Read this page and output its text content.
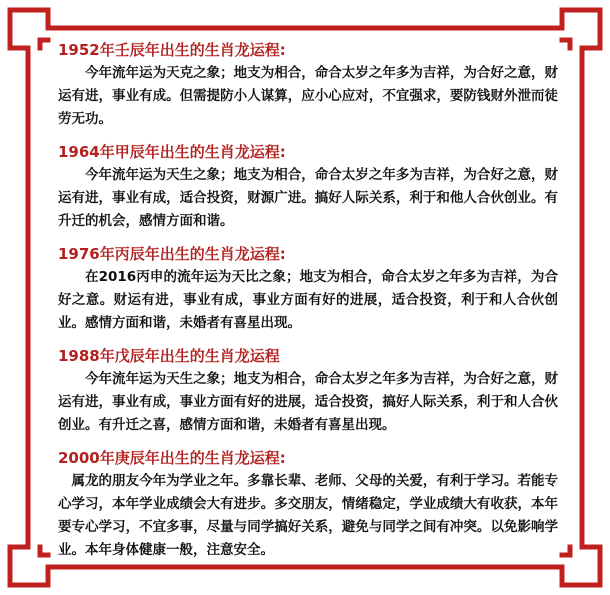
1952年壬辰年出生的生肖龙运程:
今年流年运为天克之象；地支为相合，命合太岁之年多为吉祥，为合好之意，财运有进，事业有成。但需提防小人谋算，应小心应对，不宜强求，要防钱财外泄而徒劳无功。
1964年甲辰年出生的生肖龙运程:
今年流年运为天生之象；地支为相合，命合太岁之年多为吉祥，为合好之意，财运有进，事业有成，适合投资，财源广进。搞好人际关系，利于和他人合伙创业。有升迁的机会，感情方面和谐。
1976年丙辰年出生的生肖龙运程:
在2016丙申的流年运为天比之象；地支为相合，命合太岁之年多为吉祥，为合好之意。财运有进，事业有成，事业方面有好的进展，适合投资，利于和人合伙创业。感情方面和谐，未婚者有喜星出现。
1988年戊辰年出生的生肖龙运程
今年流年运为天生之象；地支为相合，命合太岁之年多为吉祥，为合好之意，财运有进，事业有成，事业方面有好的进展，适合投资，搞好人际关系，利于和人合伙创业。有升迁之喜，感情方面和谐，未婚者有喜星出现。
2000年庚辰年出生的生肖龙运程:
属龙的朋友今年为学业之年。多靠长辈、老师、父母的关爱，有利于学习。若能专心学习，本年学业成绩会大有进步。多交朋友，情绪稳定，学业成绩大有收获，本年要专心学习，不宜多事，尽量与同学搞好关系，避免与同学之间有冲突。以免影响学业。本年身体健康一般，注意安全。
